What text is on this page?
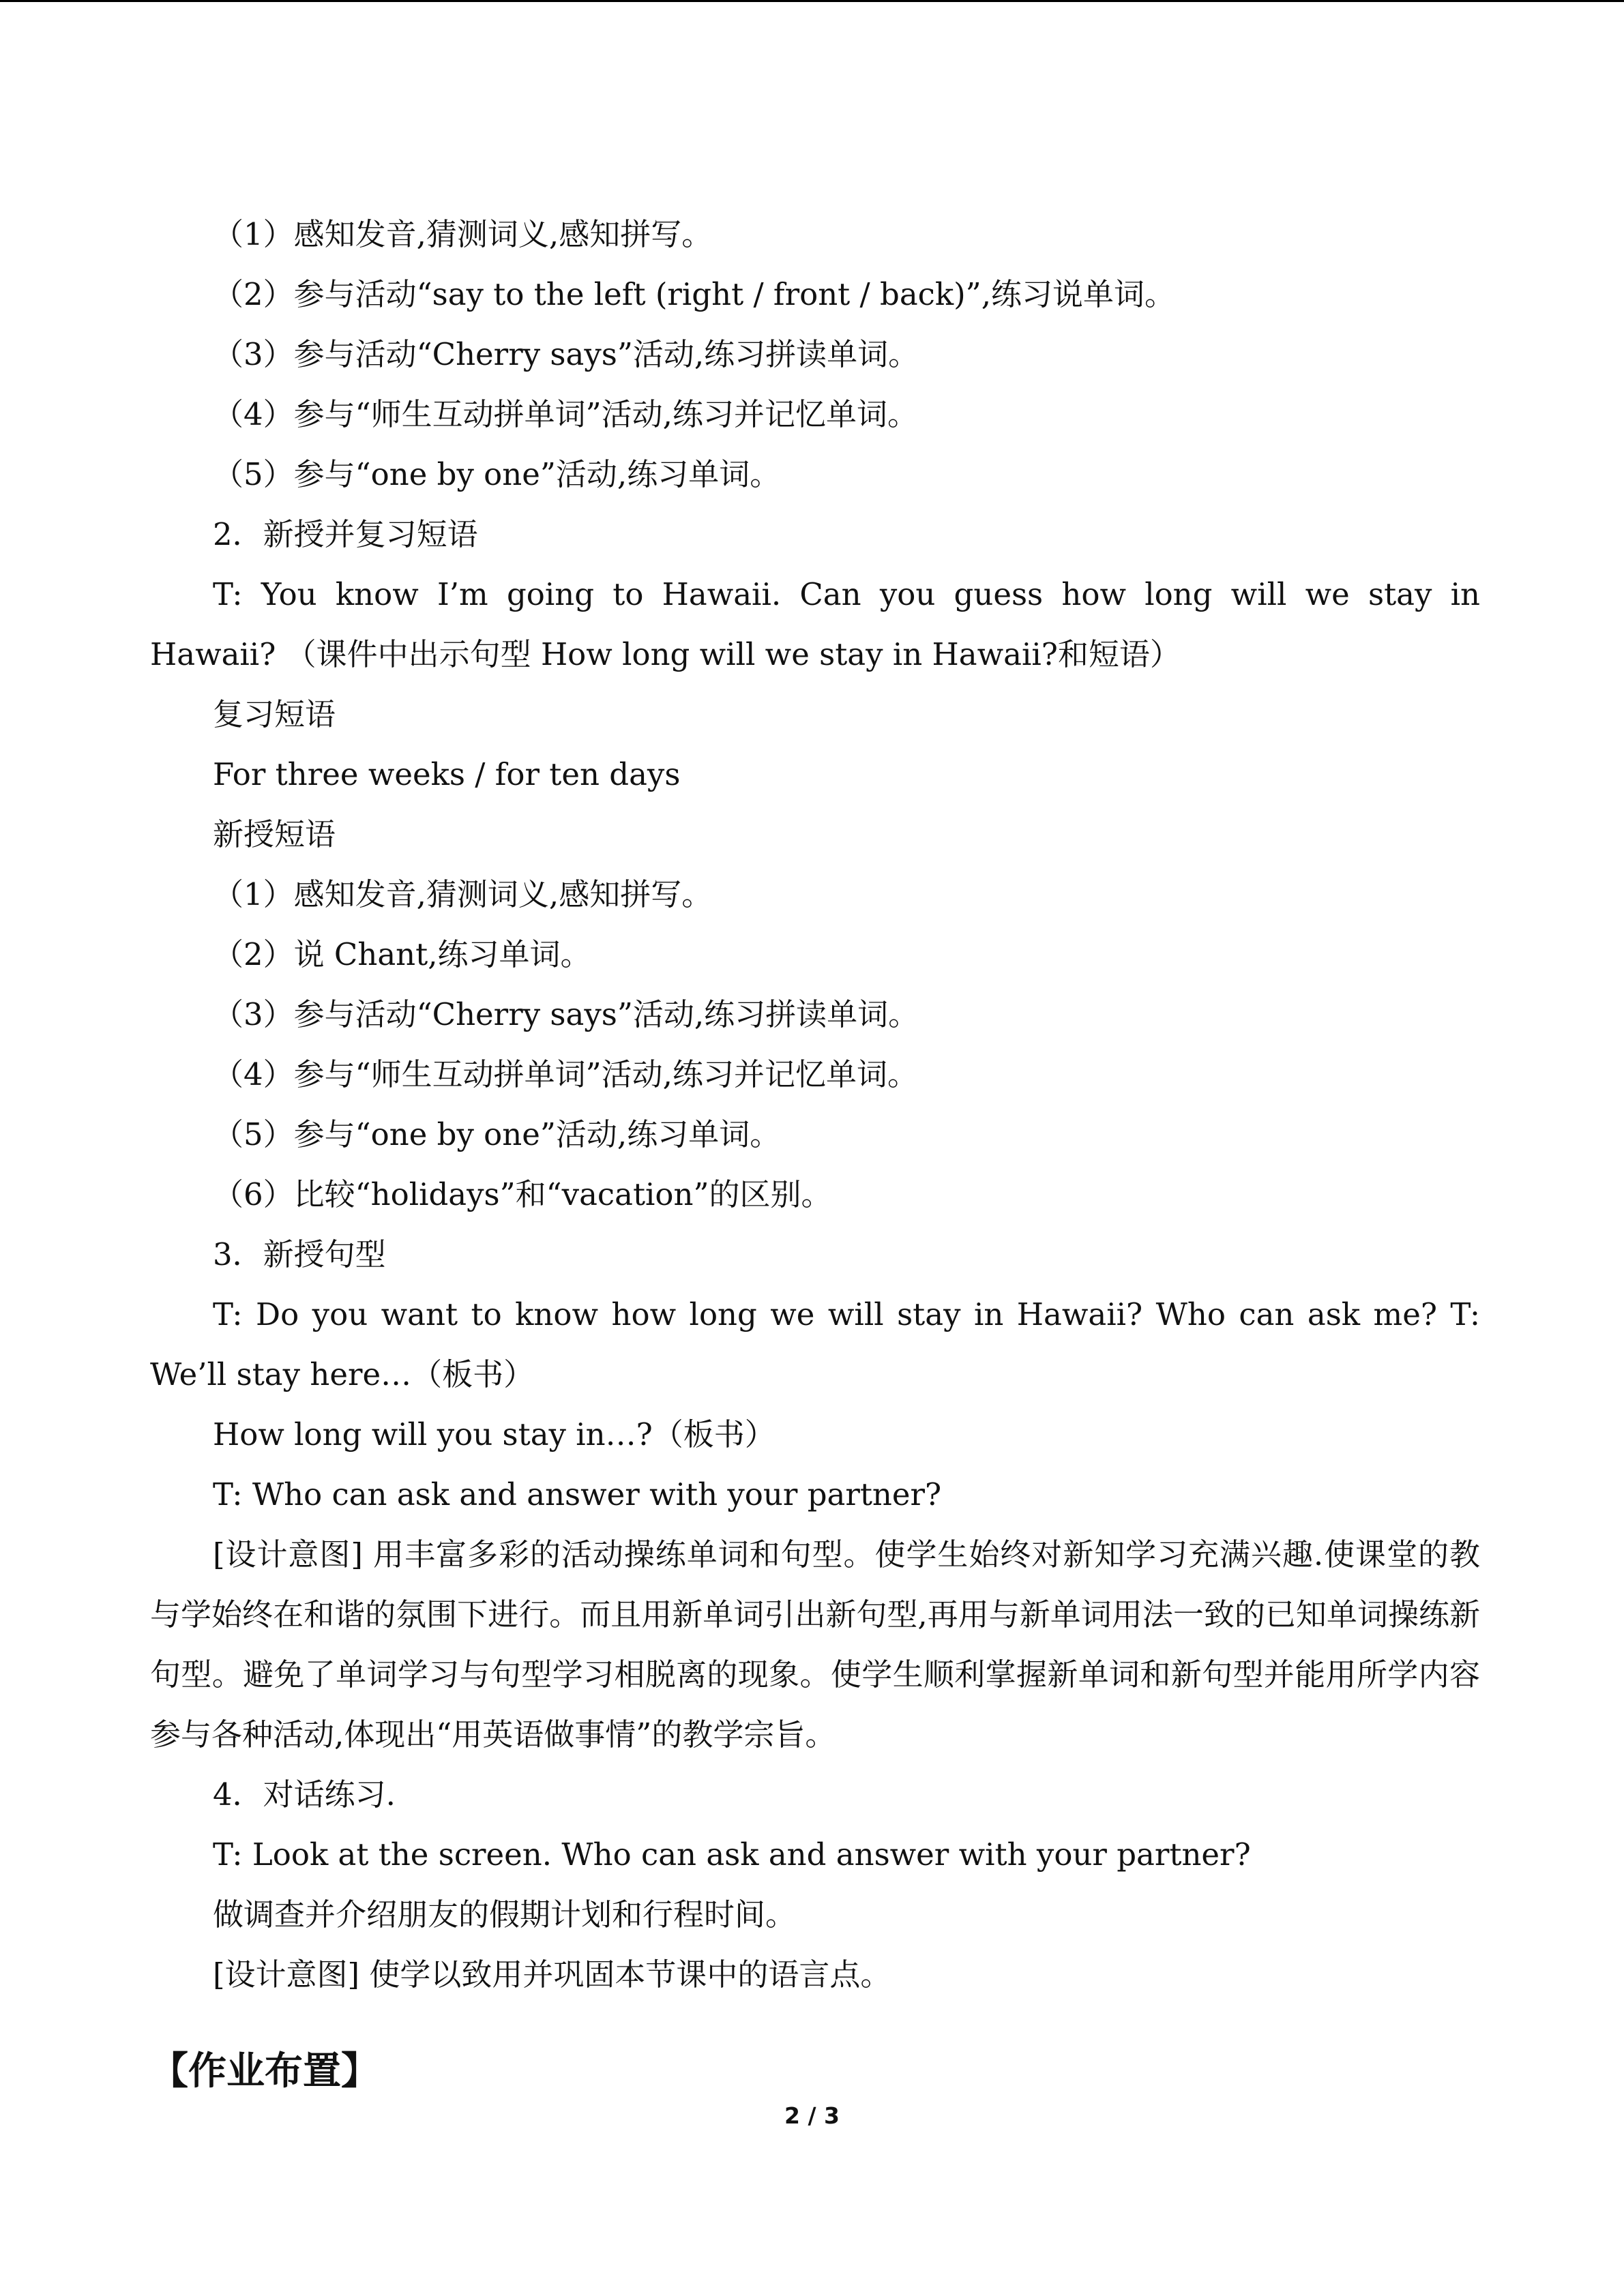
（1）感知发音,猜测词义,感知拼写。
（2）参与活动“say to the left (right / front / back)”,练习说单词。
（3）参与活动“Cherry says”活动,练习拼读单词。
（4）参与“师生互动拼单词”活动,练习并记忆单词。
（5）参与“one by one”活动,练习单词。
2．新授并复习短语
T: You know I’m going to Hawaii. Can you guess how long will we stay in Hawaii? （课件中出示句型 How long will we stay in Hawaii?和短语）
复习短语
For three weeks / for ten days
新授短语
（1）感知发音,猜测词义,感知拼写。
（2）说 Chant,练习单词。
（3）参与活动“Cherry says”活动,练习拼读单词。
（4）参与“师生互动拼单词”活动,练习并记忆单词。
（5）参与“one by one”活动,练习单词。
（6）比较“holidays”和“vacation”的区别。
3．新授句型
T: Do you want to know how long we will stay in Hawaii? Who can ask me? T: We’ll stay here…（板书）
How long will you stay in…?（板书）
T: Who can ask and answer with your partner?
[设计意图] 用丰富多彩的活动操练单词和句型。使学生始终对新知学习充满兴趣.使课堂的教与学始终在和谐的氛围下进行。而且用新单词引出新句型,再用与新单词用法一致的已知单词操练新句型。避免了单词学习与句型学习相脱离的现象。使学生顺利掌握新单词和新句型并能用所学内容参与各种活动,体现出“用英语做事情”的教学宗旨。
4．对话练习.
T: Look at the screen. Who can ask and answer with your partner?
做调查并介绍朋友的假期计划和行程时间。
[设计意图] 使学以致用并巩固本节课中的语言点。
【作业布置】
2 / 3
